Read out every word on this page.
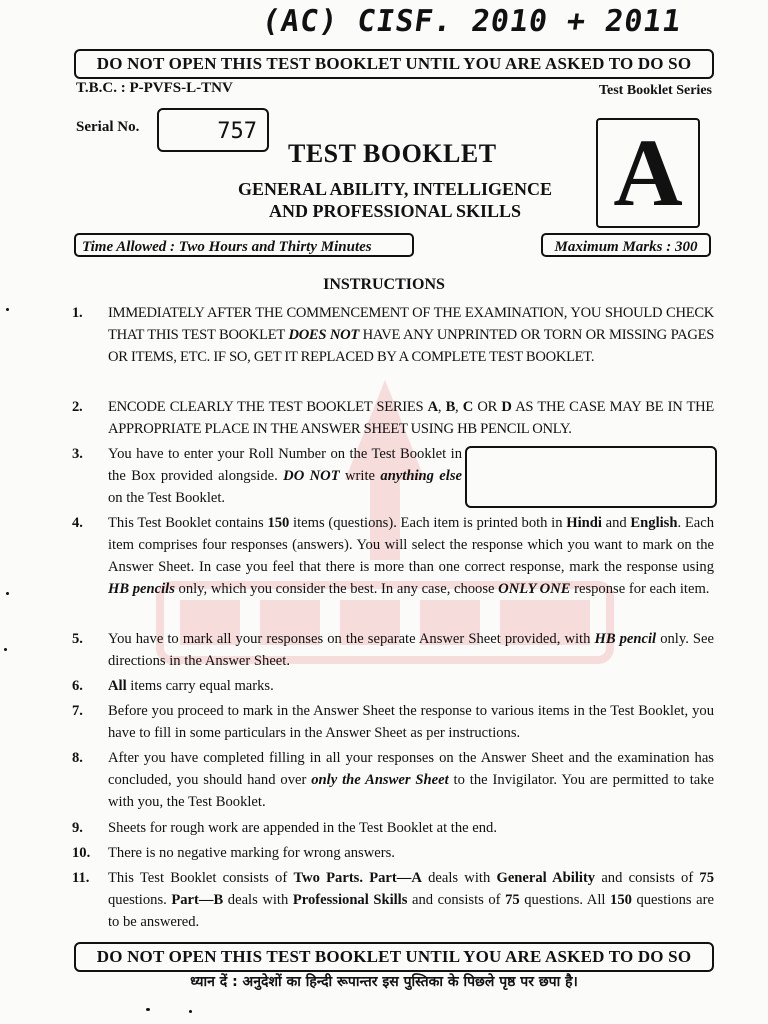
(AC) CISF. 2010 + 2011
DO NOT OPEN THIS TEST BOOKLET UNTIL YOU ARE ASKED TO DO SO
T.B.C. : P-PVFS-L-TNV	Test Booklet Series
Serial No.	757
TEST BOOKLET
GENERAL ABILITY, INTELLIGENCE
AND PROFESSIONAL SKILLS A
Time Allowed : Two Hours and Thirty Minutes	Maximum Marks : 300
INSTRUCTIONS
1. IMMEDIATELY AFTER THE COMMENCEMENT OF THE EXAMINATION, YOU SHOULD CHECK THAT THIS TEST BOOKLET DOES NOT HAVE ANY UNPRINTED OR TORN OR MISSING PAGES OR ITEMS, ETC. IF SO, GET IT REPLACED BY A COMPLETE TEST BOOKLET.
2. ENCODE CLEARLY THE TEST BOOKLET SERIES A, B, C OR D AS THE CASE MAY BE IN THE APPROPRIATE PLACE IN THE ANSWER SHEET USING HB PENCIL ONLY.
3. You have to enter your Roll Number on the Test Booklet in the Box provided alongside. DO NOT write anything else on the Test Booklet.
4. This Test Booklet contains 150 items (questions). Each item is printed both in Hindi and English. Each item comprises four responses (answers). You will select the response which you want to mark on the Answer Sheet. In case you feel that there is more than one correct response, mark the response using HB pencils only, which you consider the best. In any case, choose ONLY ONE response for each item.
5. You have to mark all your responses on the separate Answer Sheet provided, with HB pencil only. See directions in the Answer Sheet.
6. All items carry equal marks.
7. Before you proceed to mark in the Answer Sheet the response to various items in the Test Booklet, you have to fill in some particulars in the Answer Sheet as per instructions.
8. After you have completed filling in all your responses on the Answer Sheet and the examination has concluded, you should hand over only the Answer Sheet to the Invigilator. You are permitted to take with you, the Test Booklet.
9. Sheets for rough work are appended in the Test Booklet at the end.
10. There is no negative marking for wrong answers.
11. This Test Booklet consists of Two Parts. Part—A deals with General Ability and consists of 75 questions. Part—B deals with Professional Skills and consists of 75 questions. All 150 questions are to be answered.
DO NOT OPEN THIS TEST BOOKLET UNTIL YOU ARE ASKED TO DO SO
ध्यान दें : अनुदेशों का हिन्दी रूपान्तर इस पुस्तिका के पिछले पृष्ठ पर छपा है।
